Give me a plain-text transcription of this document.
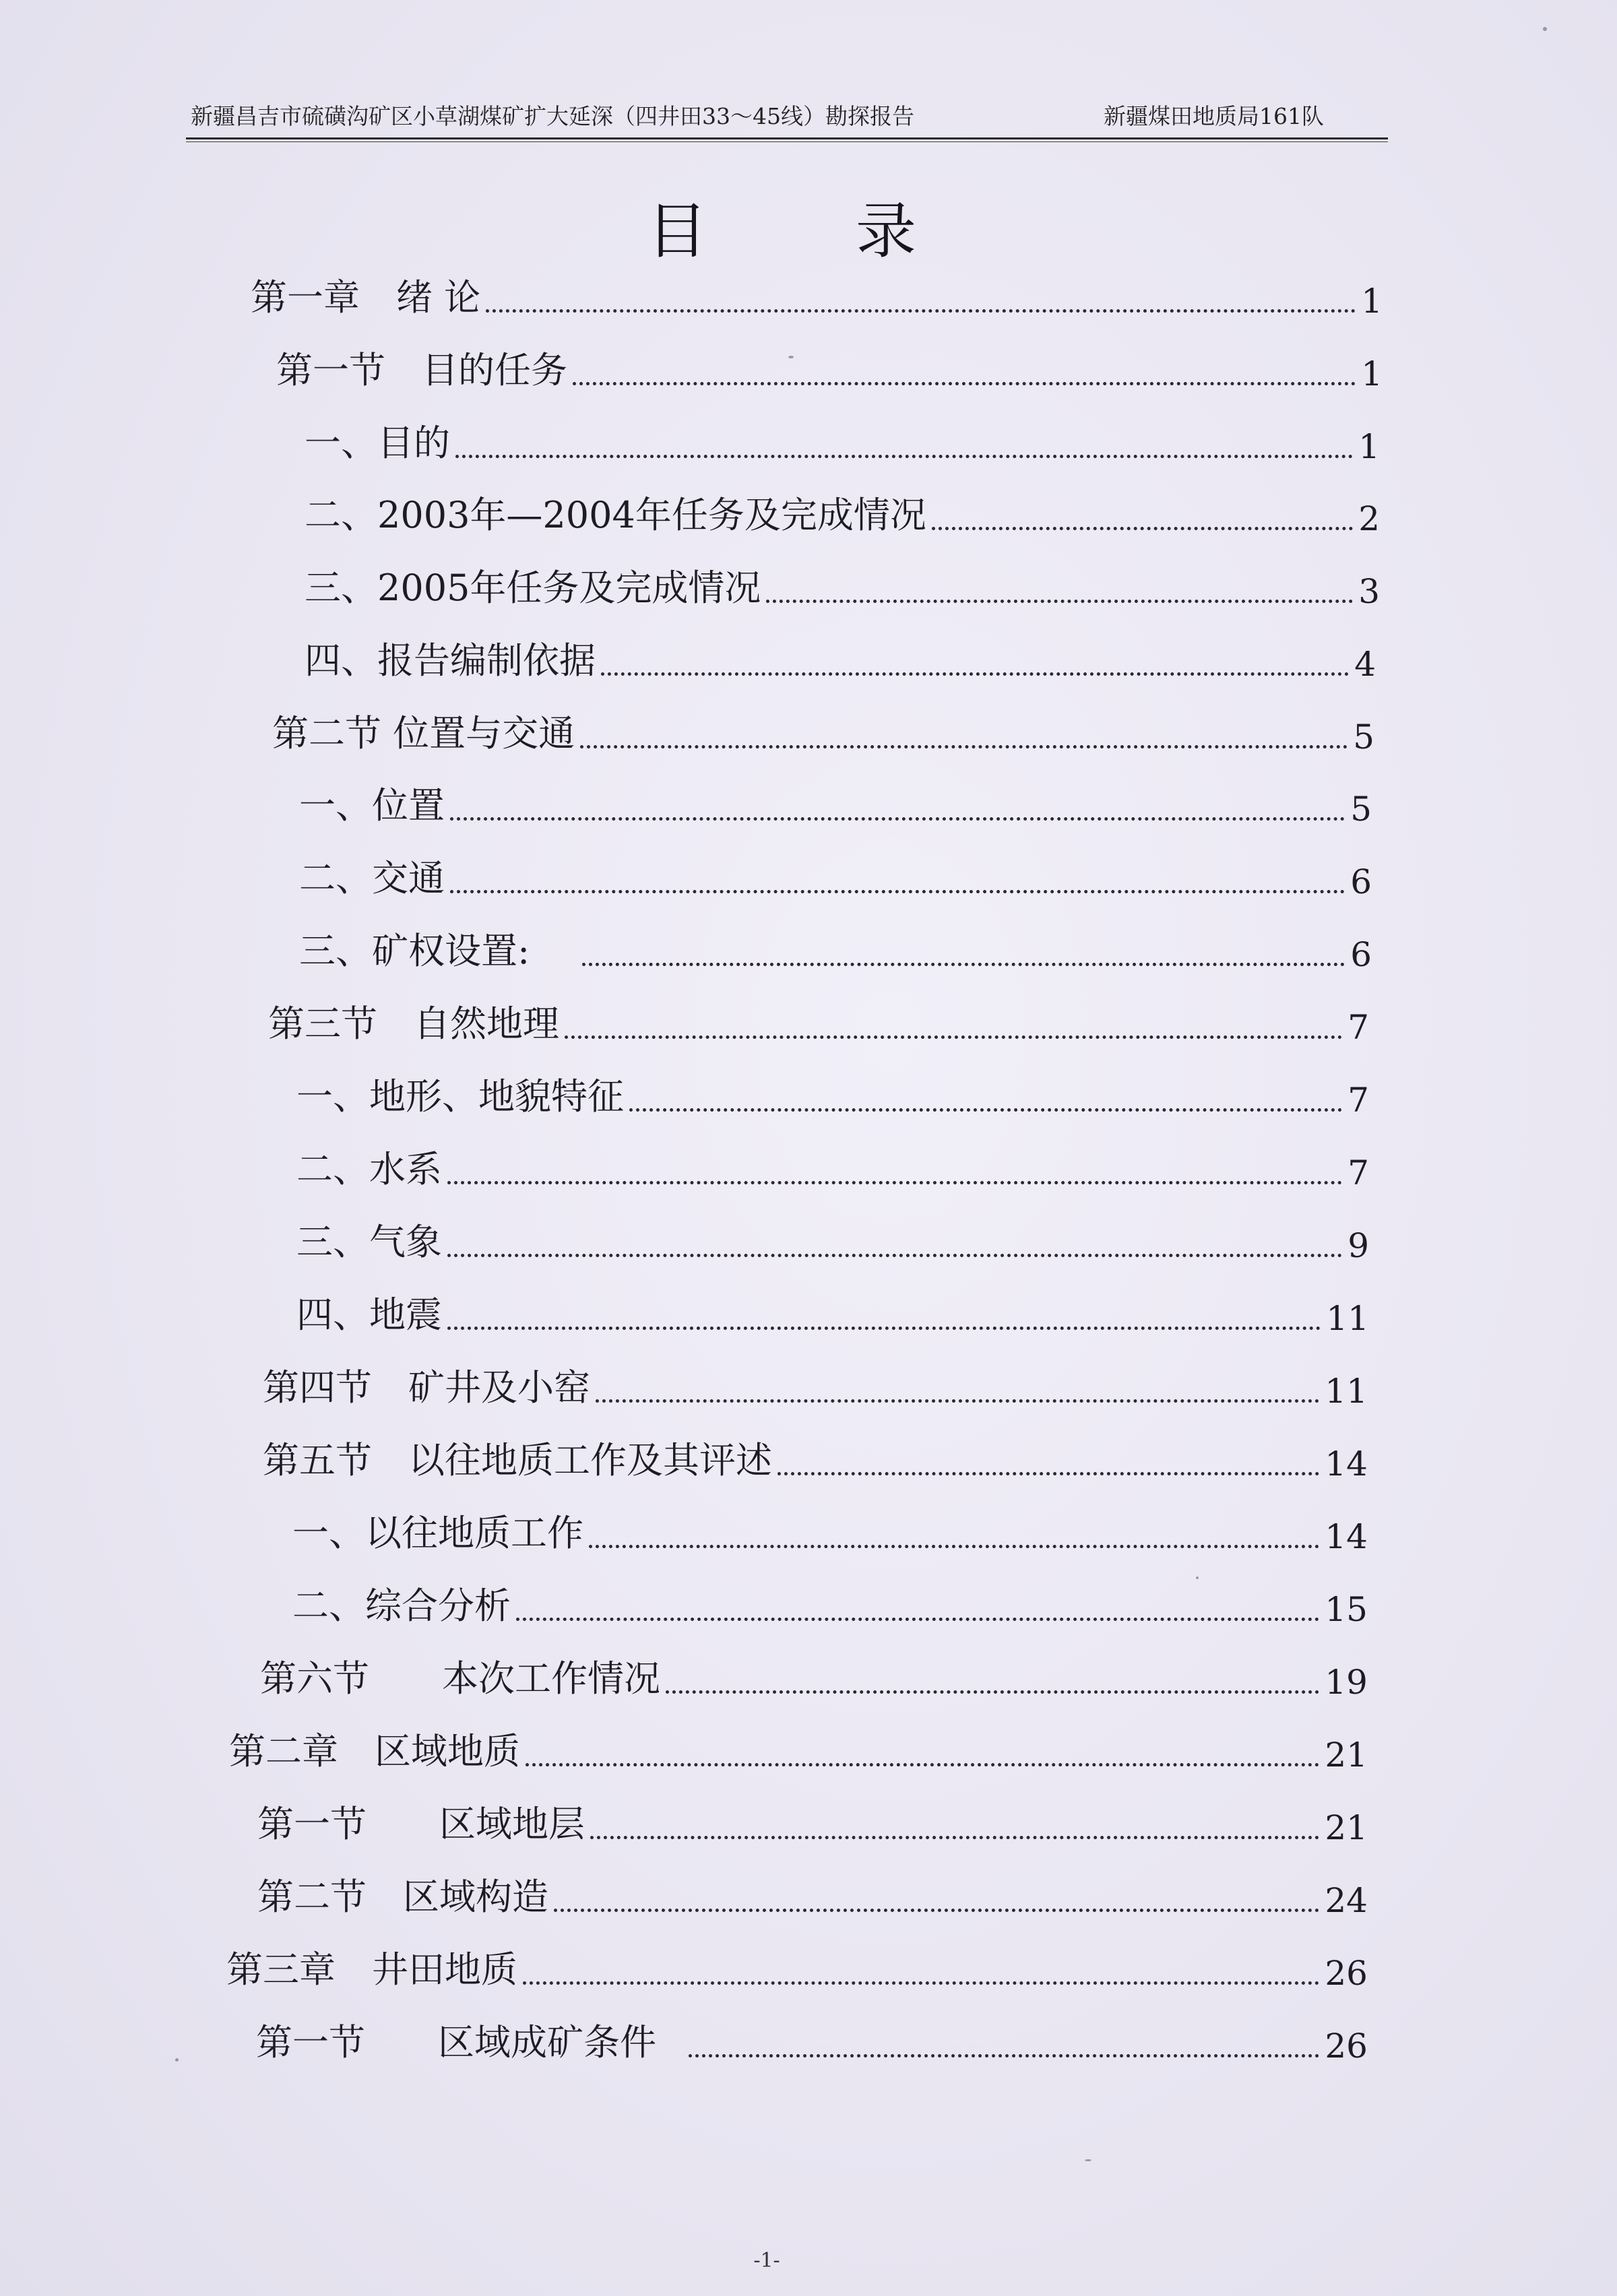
新疆昌吉市硫磺沟矿区小草湖煤矿扩大延深（四井田33～45线）勘探报告	新疆煤田地质局161队
目录
第一章　绪 论	1
第一节　目的任务	1
一、目的	1
二、2003年—2004年任务及完成情况	2
三、2005年任务及完成情况	3
四、报告编制依据	4
第二节 位置与交通	5
一、位置	5
二、交通	6
三、矿权设置:	6
第三节　自然地理	7
一、地形、地貌特征	7
二、水系	7
三、气象	9
四、地震	11
第四节　矿井及小窑	11
第五节　以往地质工作及其评述	14
一、以往地质工作	14
二、综合分析	15
第六节　　本次工作情况	19
第二章　区域地质	21
第一节　　区域地层	21
第二节　区域构造	24
第三章　井田地质	26
第一节　　区域成矿条件	26
-1-
